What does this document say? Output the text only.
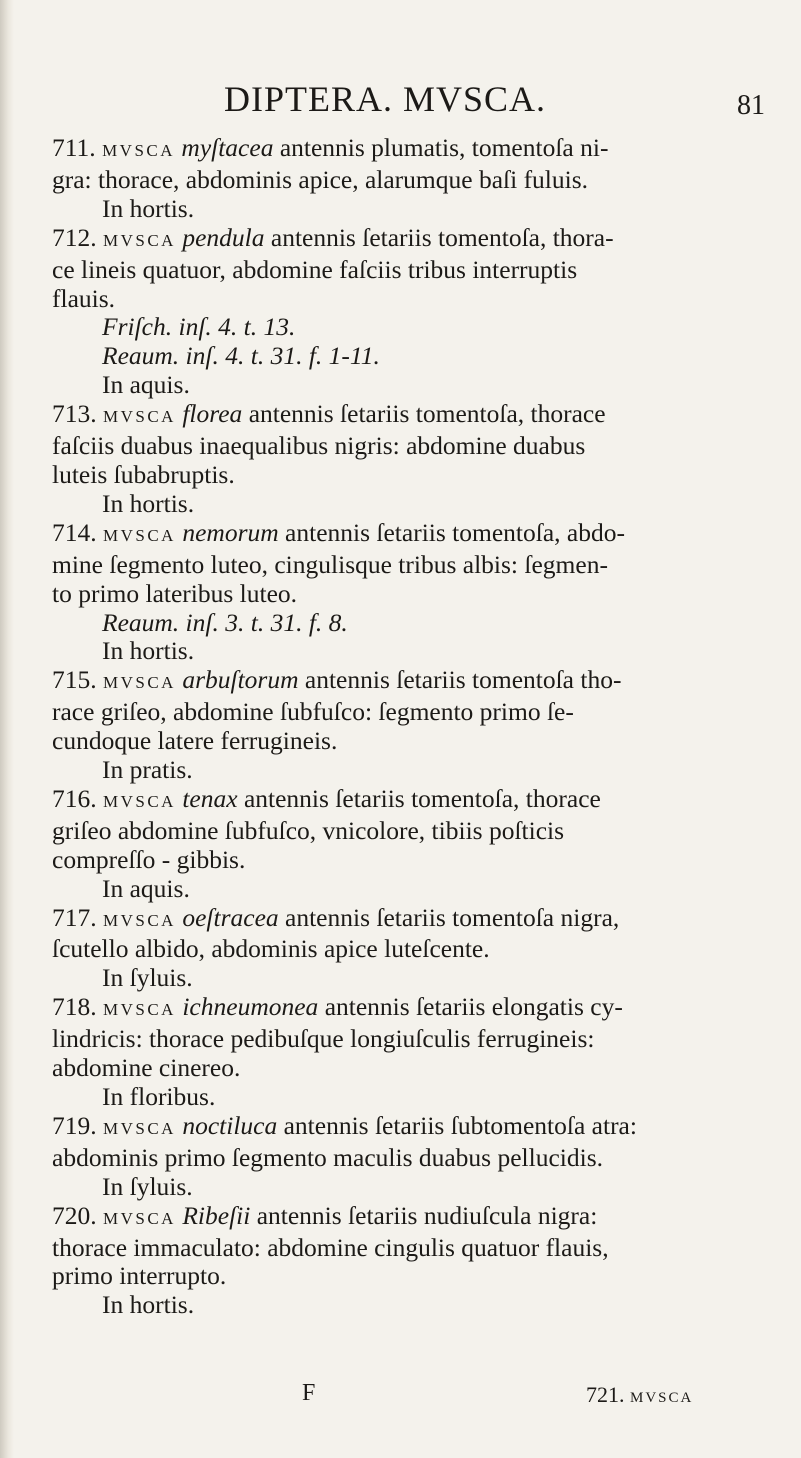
DIPTERA. MVSCA.	81
711. MVSCA myſtacea antennis plumatis, tomentoſa ni-
gra: thorace, abdominis apice, alarumque baſi fuluis.
In hortis.
712. MVSCA pendula antennis ſetariis tomentoſa, thora-
ce lineis quatuor, abdomine faſciis tribus interruptis
flauis.
Friſch. inſ. 4. t. 13.
Reaum. inſ. 4. t. 31. f. 1-11.
In aquis.
713. MVSCA florea antennis ſetariis tomentoſa, thorace
faſciis duabus inaequalibus nigris: abdomine duabus
luteis ſubabruptis.
In hortis.
714. MVSCA nemorum antennis ſetariis tomentoſa, abdo-
mine ſegmento luteo, cingulisque tribus albis: ſegmen-
to primo lateribus luteo.
Reaum. inſ. 3. t. 31. f. 8.
In hortis.
715. MVSCA arbuſtorum antennis ſetariis tomentoſa tho-
race griſeo, abdomine ſubfuſco: ſegmento primo ſe-
cundoque latere ferrugineis.
In pratis.
716. MVSCA tenax antennis ſetariis tomentoſa, thorace
griſeo abdomine ſubfuſco, vnicolore, tibiis poſticis
compreſſo - gibbis.
In aquis.
717. MVSCA oeſtracea antennis ſetariis tomentoſa nigra,
ſcutello albido, abdominis apice luteſcente.
In ſyluis.
718. MVSCA ichneumonea antennis ſetariis elongatis cy-
lindricis: thorace pedibuſque longiuſculis ferrugineis:
abdomine cinereo.
In floribus.
719. MVSCA noctiluca antennis ſetariis ſubtomentoſa atra:
abdominis primo ſegmento maculis duabus pellucidis.
In ſyluis.
720. MVSCA Ribeſii antennis ſetariis nudiuſcula nigra:
thorace immaculato: abdomine cingulis quatuor flauis,
primo interrupto.
In hortis.
F	721. MVSCA
